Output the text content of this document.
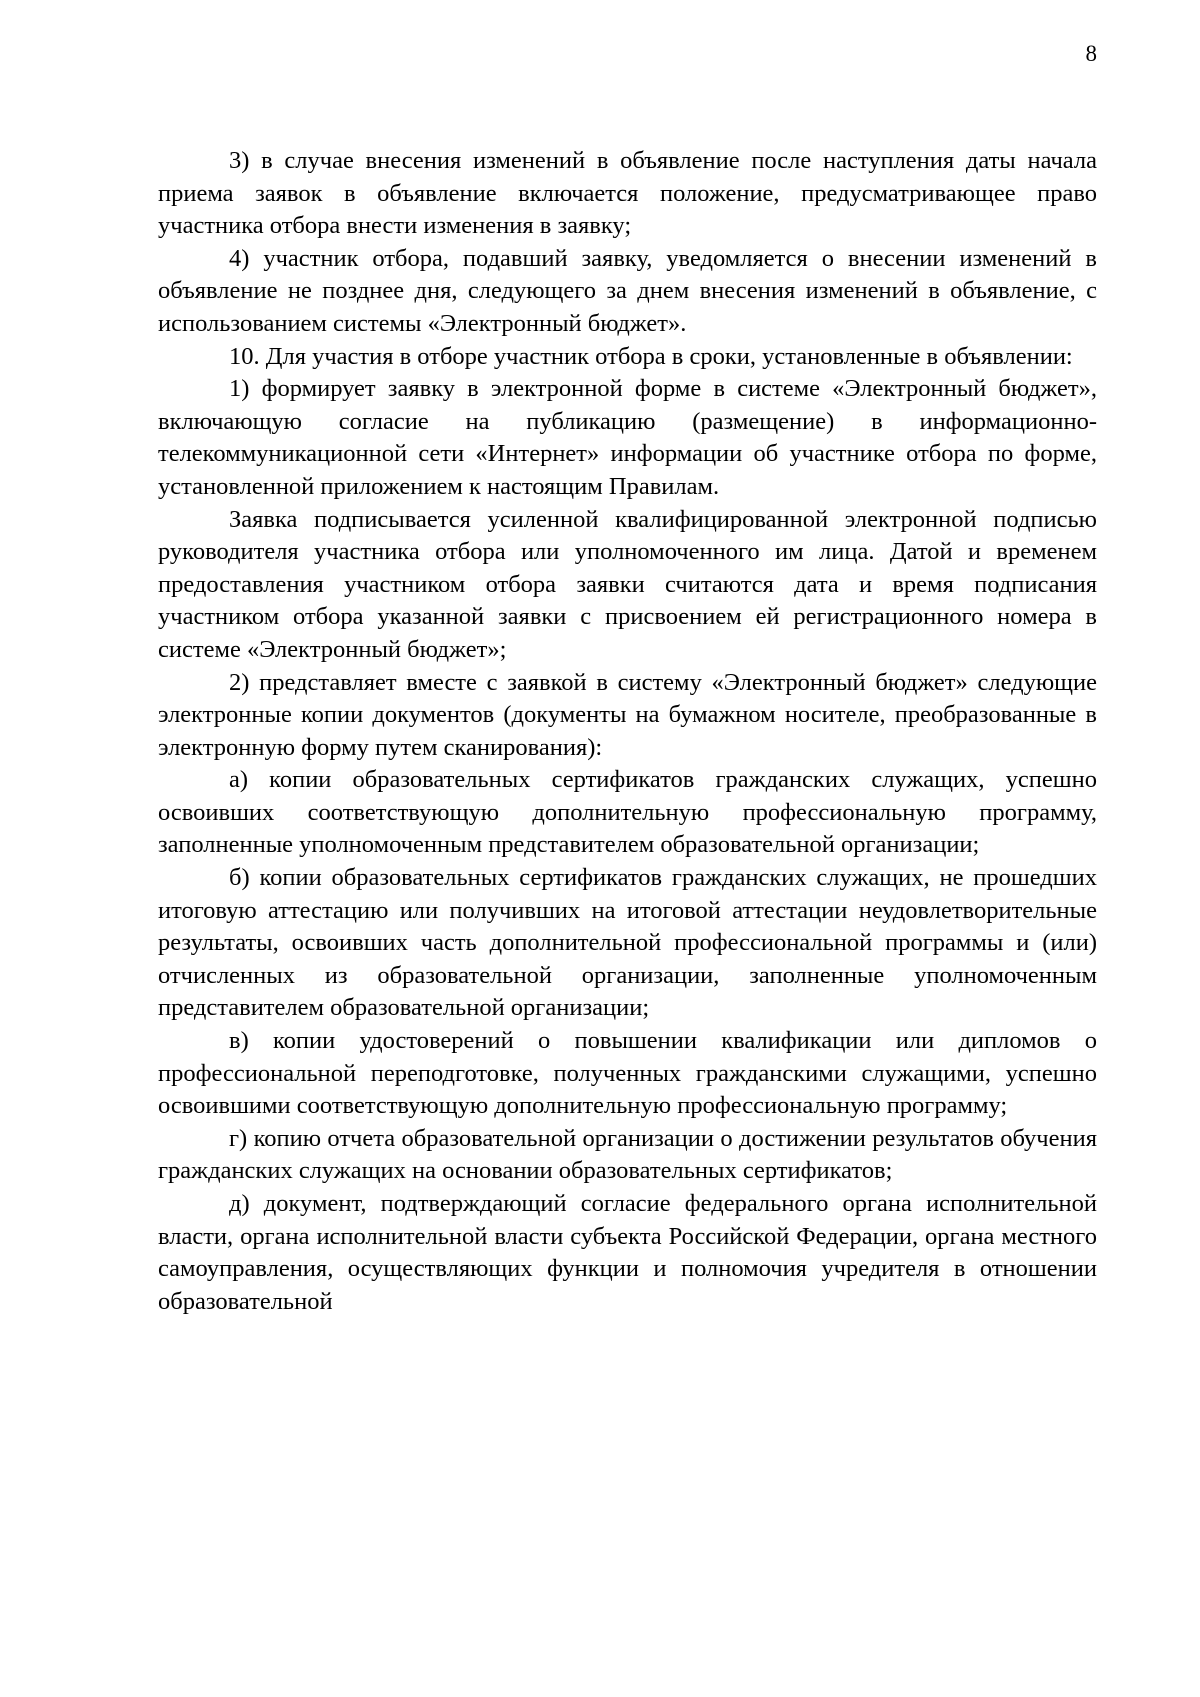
8

3) в случае внесения изменений в объявление после наступления даты начала приема заявок в объявление включается положение, предусматривающее право участника отбора внести изменения в заявку;

4) участник отбора, подавший заявку, уведомляется о внесении изменений в объявление не позднее дня, следующего за днем внесения изменений в объявление, с использованием системы «Электронный бюджет».

10. Для участия в отборе участник отбора в сроки, установленные в объявлении:

1) формирует заявку в электронной форме в системе «Электронный бюджет», включающую согласие на публикацию (размещение) в информационно-телекоммуникационной сети «Интернет» информации об участнике отбора по форме, установленной приложением к настоящим Правилам.

Заявка подписывается усиленной квалифицированной электронной подписью руководителя участника отбора или уполномоченного им лица. Датой и временем предоставления участником отбора заявки считаются дата и время подписания участником отбора указанной заявки с присвоением ей регистрационного номера в системе «Электронный бюджет»;

2) представляет вместе с заявкой в систему «Электронный бюджет» следующие электронные копии документов (документы на бумажном носителе, преобразованные в электронную форму путем сканирования):

а) копии образовательных сертификатов гражданских служащих, успешно освоивших соответствующую дополнительную профессиональную программу, заполненные уполномоченным представителем образовательной организации;

б) копии образовательных сертификатов гражданских служащих, не прошедших итоговую аттестацию или получивших на итоговой аттестации неудовлетворительные результаты, освоивших часть дополнительной профессиональной программы и (или) отчисленных из образовательной организации, заполненные уполномоченным представителем образовательной организации;

в) копии удостоверений о повышении квалификации или дипломов о профессиональной переподготовке, полученных гражданскими служащими, успешно освоившими соответствующую дополнительную профессиональную программу;

г) копию отчета образовательной организации о достижении результатов обучения гражданских служащих на основании образовательных сертификатов;

д) документ, подтверждающий согласие федерального органа исполнительной власти, органа исполнительной власти субъекта Российской Федерации, органа местного самоуправления, осуществляющих функции и полномочия учредителя в отношении образовательной
